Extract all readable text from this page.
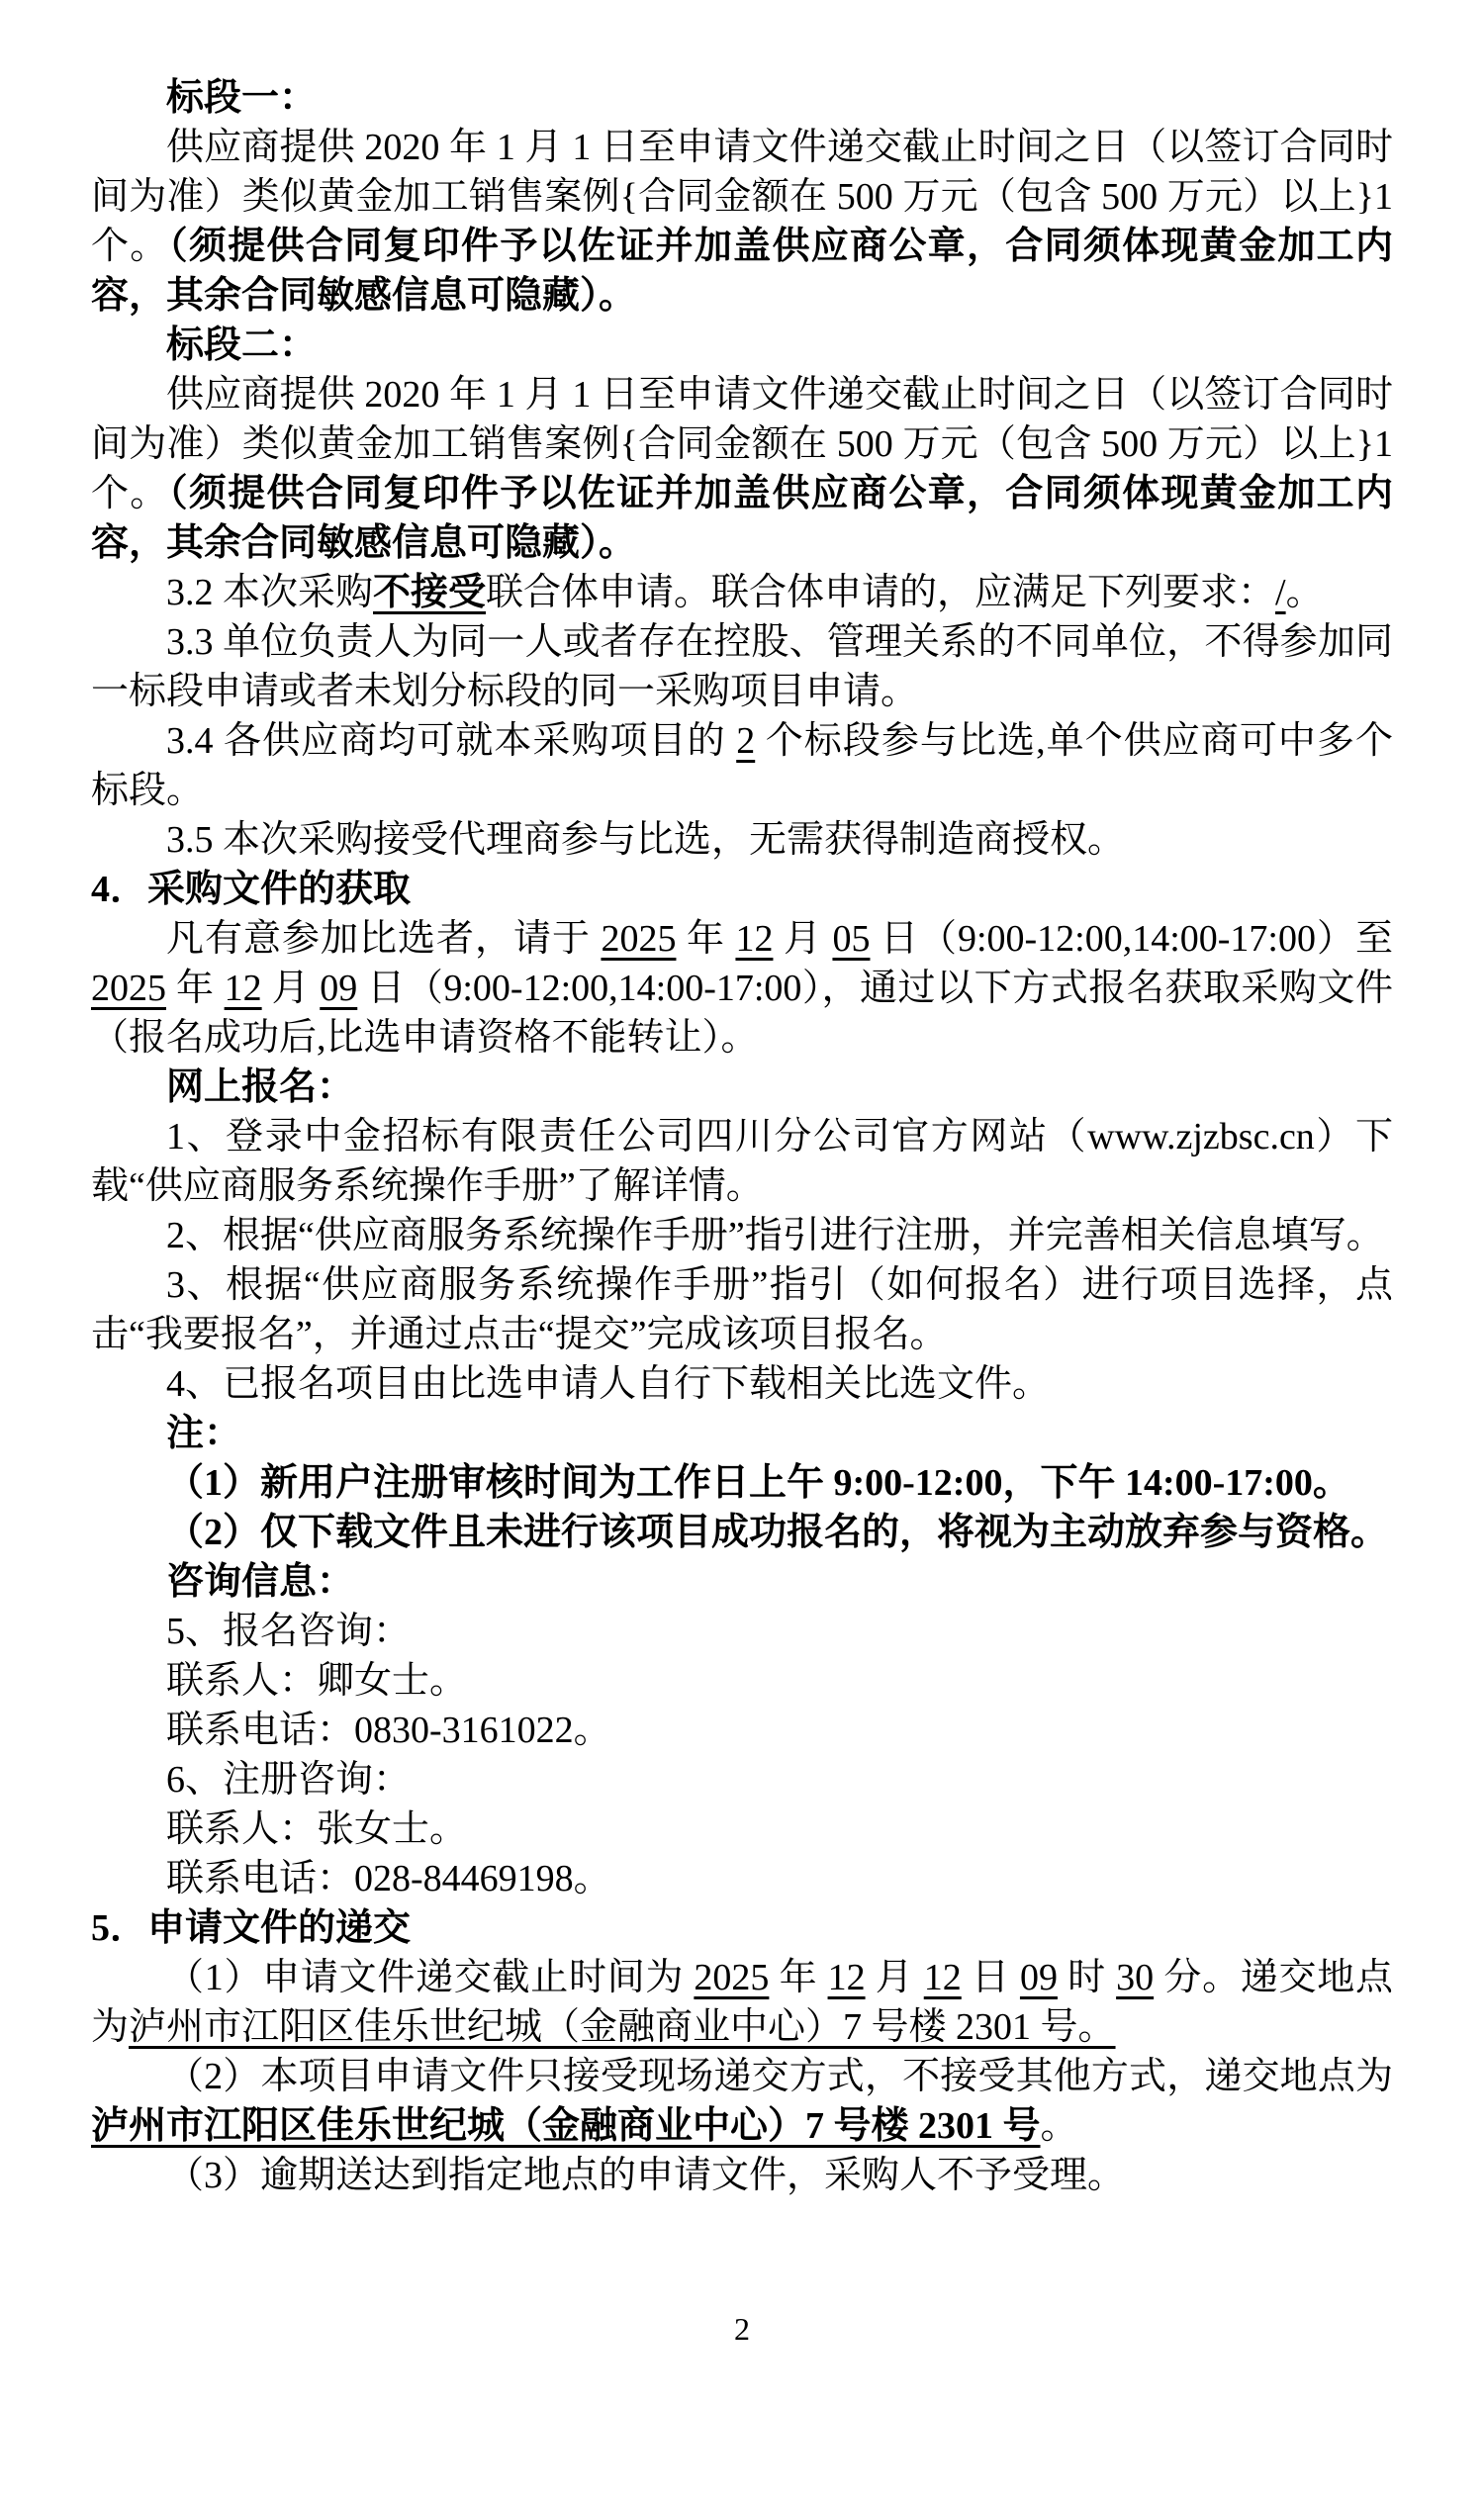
标段一：

供应商提供 2020 年 1 月 1 日至申请文件递交截止时间之日（以签订合同时间为准）类似黄金加工销售案例{合同金额在 500 万元（包含 500 万元）以上}1 个。（须提供合同复印件予以佐证并加盖供应商公章，合同须体现黄金加工内容，其余合同敏感信息可隐藏）。

标段二：

供应商提供 2020 年 1 月 1 日至申请文件递交截止时间之日（以签订合同时间为准）类似黄金加工销售案例{合同金额在 500 万元（包含 500 万元）以上}1 个。（须提供合同复印件予以佐证并加盖供应商公章，合同须体现黄金加工内容，其余合同敏感信息可隐藏）。

3.2 本次采购不接受联合体申请。联合体申请的，应满足下列要求：/。

3.3 单位负责人为同一人或者存在控股、管理关系的不同单位，不得参加同一标段申请或者未划分标段的同一采购项目申请。

3.4 各供应商均可就本采购项目的 2 个标段参与比选,单个供应商可中多个标段。

3.5 本次采购接受代理商参与比选，无需获得制造商授权。

4．采购文件的获取

凡有意参加比选者，请于 2025 年 12 月 05 日（9:00-12:00,14:00-17:00）至 2025 年 12 月 09 日（9:00-12:00,14:00-17:00），通过以下方式报名获取采购文件（报名成功后,比选申请资格不能转让）。

网上报名：

1、登录中金招标有限责任公司四川分公司官方网站（www.zjzbsc.cn）下载“供应商服务系统操作手册”了解详情。

2、根据“供应商服务系统操作手册”指引进行注册，并完善相关信息填写。

3、根据“供应商服务系统操作手册”指引（如何报名）进行项目选择，点击“我要报名”，并通过点击“提交”完成该项目报名。

4、已报名项目由比选申请人自行下载相关比选文件。

注：

（1）新用户注册审核时间为工作日上午 9:00-12:00，下午 14:00-17:00。

（2）仅下载文件且未进行该项目成功报名的，将视为主动放弃参与资格。

咨询信息：

5、报名咨询：

联系人：卿女士。

联系电话：0830-3161022。

6、注册咨询：

联系人：张女士。

联系电话：028-84469198。

5．申请文件的递交

（1）申请文件递交截止时间为 2025 年 12 月 12 日 09 时 30 分。递交地点为泸州市江阳区佳乐世纪城（金融商业中心）7 号楼 2301 号。

（2）本项目申请文件只接受现场递交方式，不接受其他方式，递交地点为泸州市江阳区佳乐世纪城（金融商业中心）7 号楼 2301 号。

（3）逾期送达到指定地点的申请文件，采购人不予受理。

2
